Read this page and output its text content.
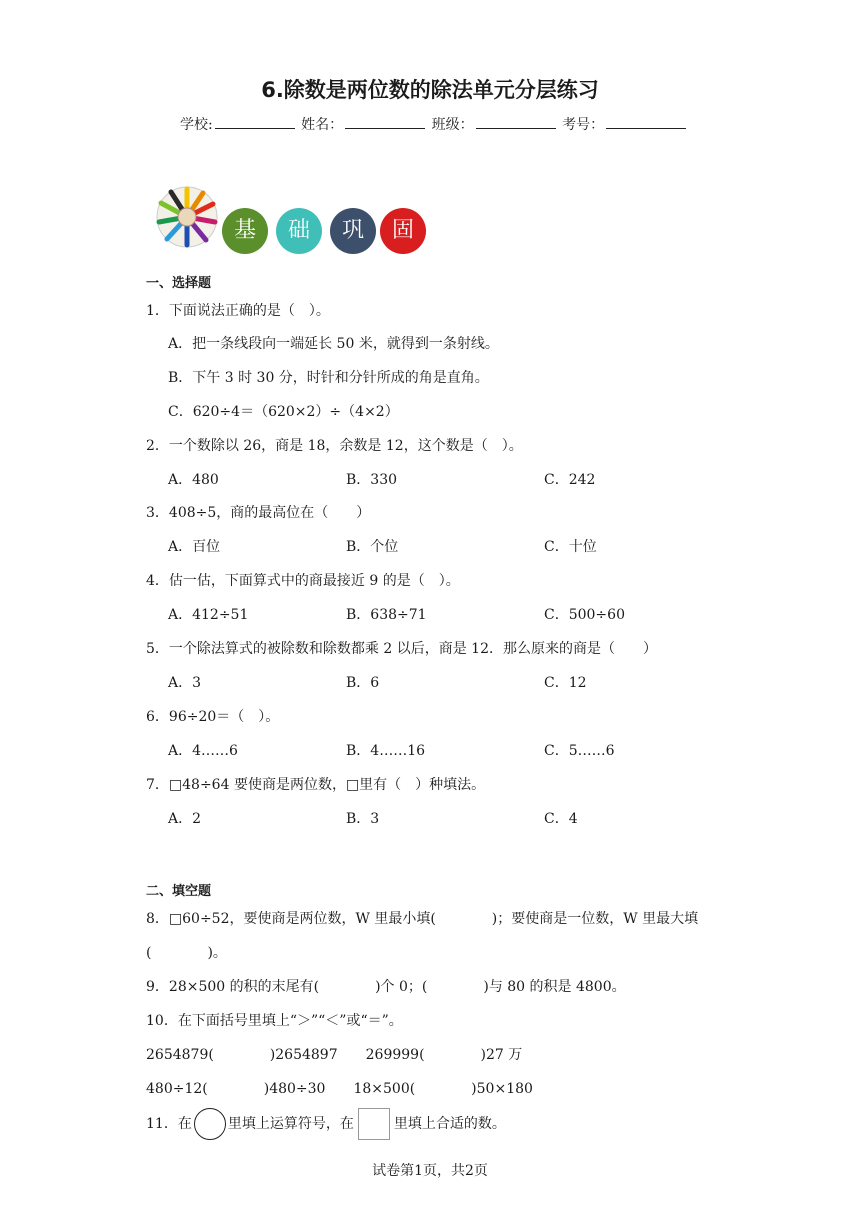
6.除数是两位数的除法单元分层练习
学校:	姓名：	班级：	考号：
基	础	巩	固
一、选择题
1．下面说法正确的是（　）。
A．把一条线段向一端延长 50 米，就得到一条射线。
B．下午 3 时 30 分，时针和分针所成的角是直角。
C．620÷4＝（620×2）÷（4×2）
2．一个数除以 26，商是 18，余数是 12，这个数是（　）。
A．480	B．330	C．242
3．408÷5，商的最高位在（　　）
A．百位	B．个位	C．十位
4．估一估，下面算式中的商最接近 9 的是（　）。
A．412÷51	B．638÷71	C．500÷60
5．一个除法算式的被除数和除数都乘 2 以后，商是 12．那么原来的商是（　　）
A．3	B．6	C．12
6．96÷20＝（　）。
A．4……6	B．4……16	C．5……6
7．□48÷64 要使商是两位数，□里有（　）种填法。
A．2	B．3	C．4
二、填空题
8．□60÷52，要使商是两位数，W 里最小填(　　　　)；要使商是一位数，W 里最大填
(　　　　)。
9．28×500 的积的末尾有(　　　　)个 0；(　　　　)与 80 的积是 4800。
10．在下面括号里填上“＞”“＜”或“＝”。
2654879(　　　　)2654897　　269999(　　　　)27 万
480÷12(　　　　)480÷30　　18×500(　　　　)50×180
11．在	里填上运算符号，在	里填上合适的数。
试卷第1页，共2页
